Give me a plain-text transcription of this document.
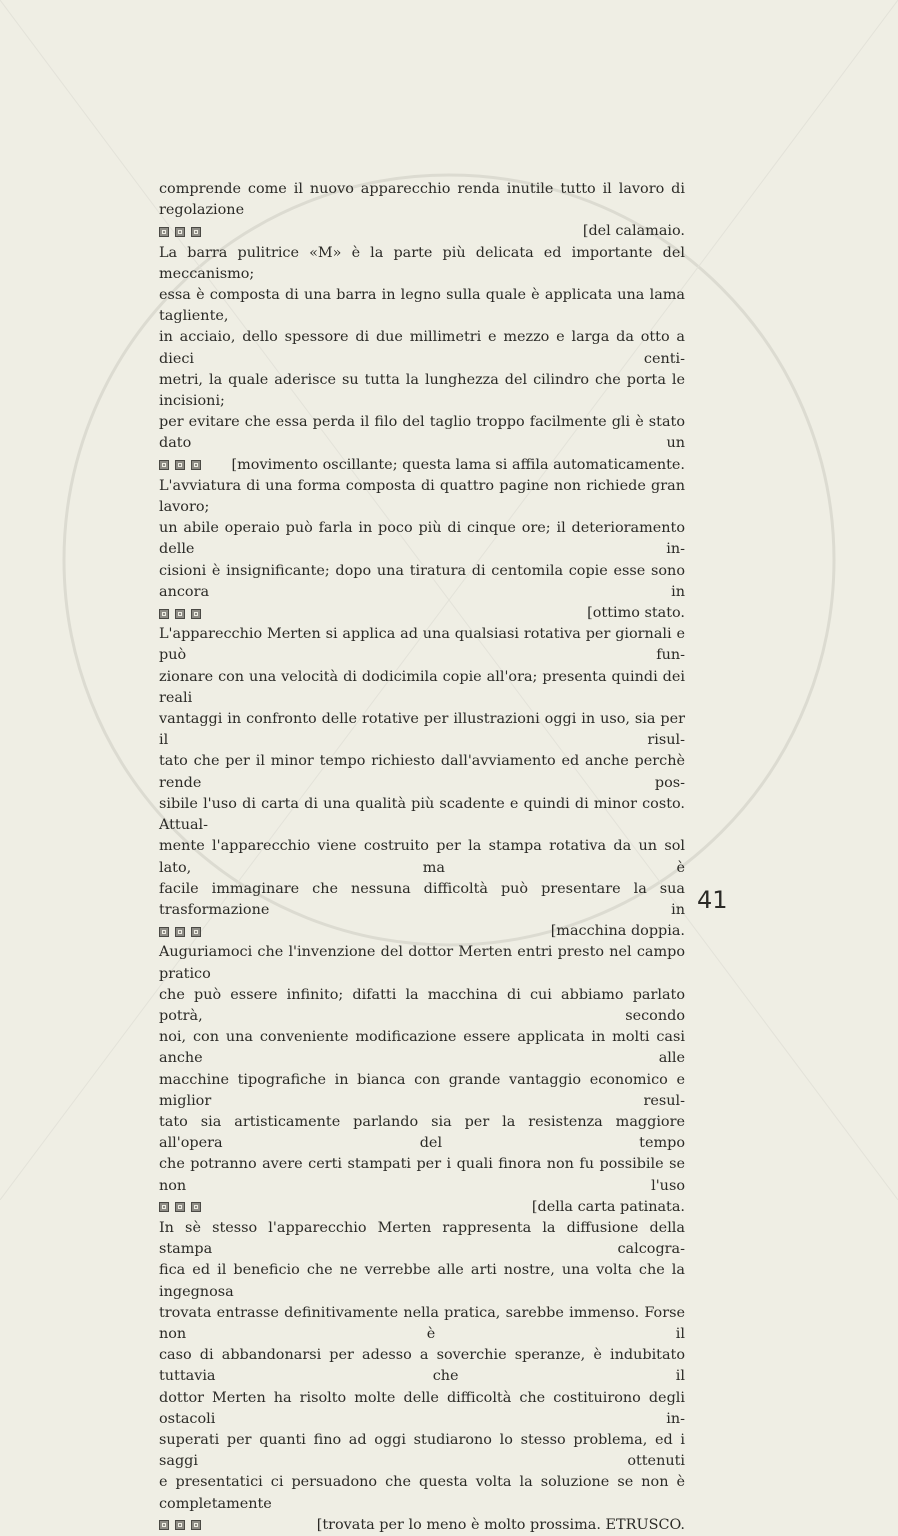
comprende come il nuovo apparecchio renda inutile tutto il lavoro di regolazione
[del calamaio.
La barra pulitrice «M» è la parte più delicata ed importante del meccanismo;
essa è composta di una barra in legno sulla quale è applicata una lama tagliente,
in acciaio, dello spessore di due millimetri e mezzo e larga da otto a dieci centi-
metri, la quale aderisce su tutta la lunghezza del cilindro che porta le incisioni;
per evitare che essa perda il filo del taglio troppo facilmente gli è stato dato un
[movimento oscillante; questa lama si affila automaticamente.
L'avviatura di una forma composta di quattro pagine non richiede gran lavoro;
un abile operaio può farla in poco più di cinque ore; il deterioramento delle in-
cisioni è insignificante; dopo una tiratura di centomila copie esse sono ancora in
[ottimo stato.
L'apparecchio Merten si applica ad una qualsiasi rotativa per giornali e può fun-
zionare con una velocità di dodicimila copie all'ora; presenta quindi dei reali
vantaggi in confronto delle rotative per illustrazioni oggi in uso, sia per il risul-
tato che per il minor tempo richiesto dall'avviamento ed anche perchè rende pos-
sibile l'uso di carta di una qualità più scadente e quindi di minor costo. Attual-
mente l'apparecchio viene costruito per la stampa rotativa da un sol lato, ma è
facile immaginare che nessuna difficoltà può presentare la sua trasformazione in
[macchina doppia.
Auguriamoci che l'invenzione del dottor Merten entri presto nel campo pratico
che può essere infinito; difatti la macchina di cui abbiamo parlato potrà, secondo
noi, con una conveniente modificazione essere applicata in molti casi anche alle
macchine tipografiche in bianca con grande vantaggio economico e miglior resul-
tato sia artisticamente parlando sia per la resistenza maggiore all'opera del tempo
che potranno avere certi stampati per i quali finora non fu possibile se non l'uso
[della carta patinata.
In sè stesso l'apparecchio Merten rappresenta la diffusione della stampa calcogra-
fica ed il beneficio che ne verrebbe alle arti nostre, una volta che la ingegnosa
trovata entrasse definitivamente nella pratica, sarebbe immenso. Forse non è il
caso di abbandonarsi per adesso a soverchie speranze, è indubitato tuttavia che il
dottor Merten ha risolto molte delle difficoltà che costituirono degli ostacoli in-
superati per quanti fino ad oggi studiarono lo stesso problema, ed i saggi ottenuti
e presentatici ci persuadono che questa volta la soluzione se non è completamente
[trovata per lo meno è molto prossima. ETRUSCO.
41
